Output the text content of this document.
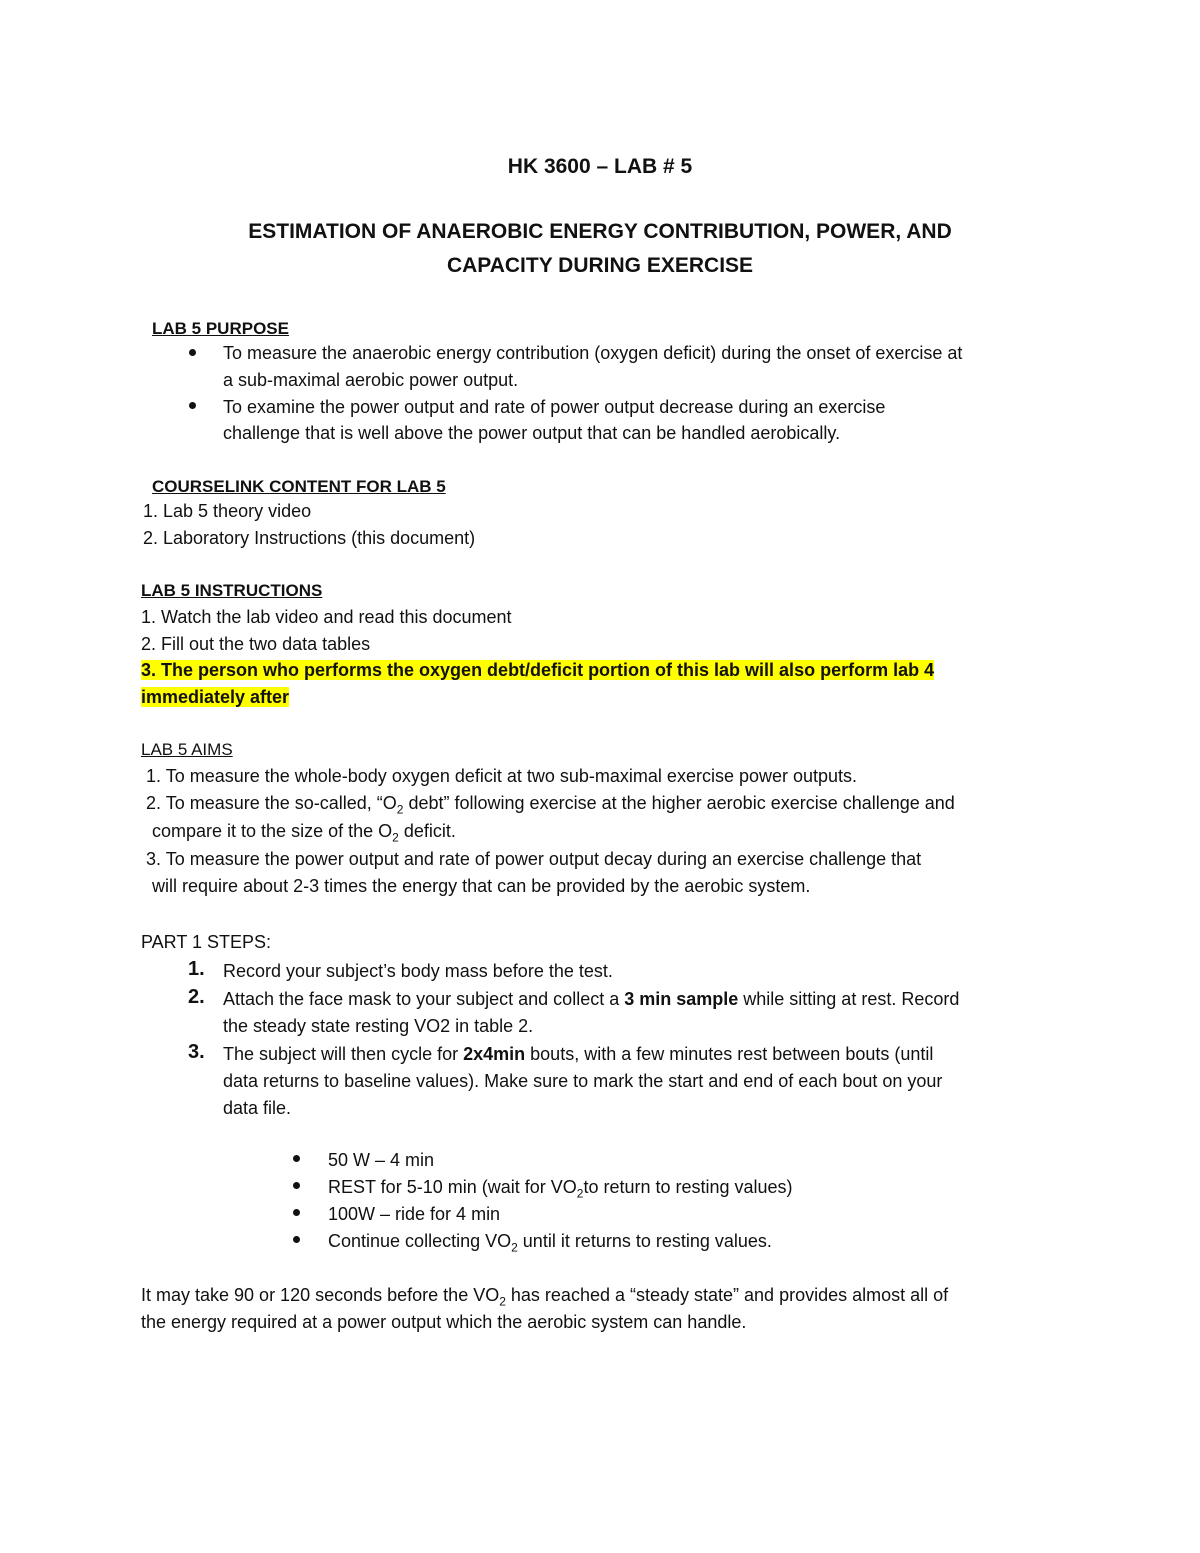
HK 3600 – LAB # 5
ESTIMATION OF ANAEROBIC ENERGY CONTRIBUTION, POWER, AND
CAPACITY DURING EXERCISE
LAB 5 PURPOSE
To measure the anaerobic energy contribution (oxygen deficit) during the onset of exercise at
a sub-maximal aerobic power output.
To examine the power output and rate of power output decrease during an exercise
challenge that is well above the power output that can be handled aerobically.
COURSELINK CONTENT FOR LAB 5
1. Lab 5 theory video
2. Laboratory Instructions (this document)
LAB 5 INSTRUCTIONS
1. Watch the lab video and read this document
2. Fill out the two data tables
3. The person who performs the oxygen debt/deficit portion of this lab will also perform lab 4
immediately after
LAB 5 AIMS
1. To measure the whole-body oxygen deficit at two sub-maximal exercise power outputs.
2. To measure the so-called, “$O_2$ debt” following exercise at the higher aerobic exercise challenge and
compare it to the size of the $O_2$ deficit.
3. To measure the power output and rate of power output decay during an exercise challenge that
will require about 2-3 times the energy that can be provided by the aerobic system.
PART 1 STEPS:
1. Record your subject’s body mass before the test.
2. Attach the face mask to your subject and collect a 3 min sample while sitting at rest. Record
the steady state resting VO2 in table 2.
3. The subject will then cycle for 2x4min bouts, with a few minutes rest between bouts (until
data returns to baseline values). Make sure to mark the start and end of each bout on your
data file.
50 W – 4 min
REST for 5-10 min (wait for $VO_2to$ return to resting values)
100W – ride for 4 min
Continue collecting $VO_2$ until it returns to resting values.
It may take 90 or 120 seconds before the $VO_2$ has reached a “steady state” and provides almost all of
the energy required at a power output which the aerobic system can handle.
